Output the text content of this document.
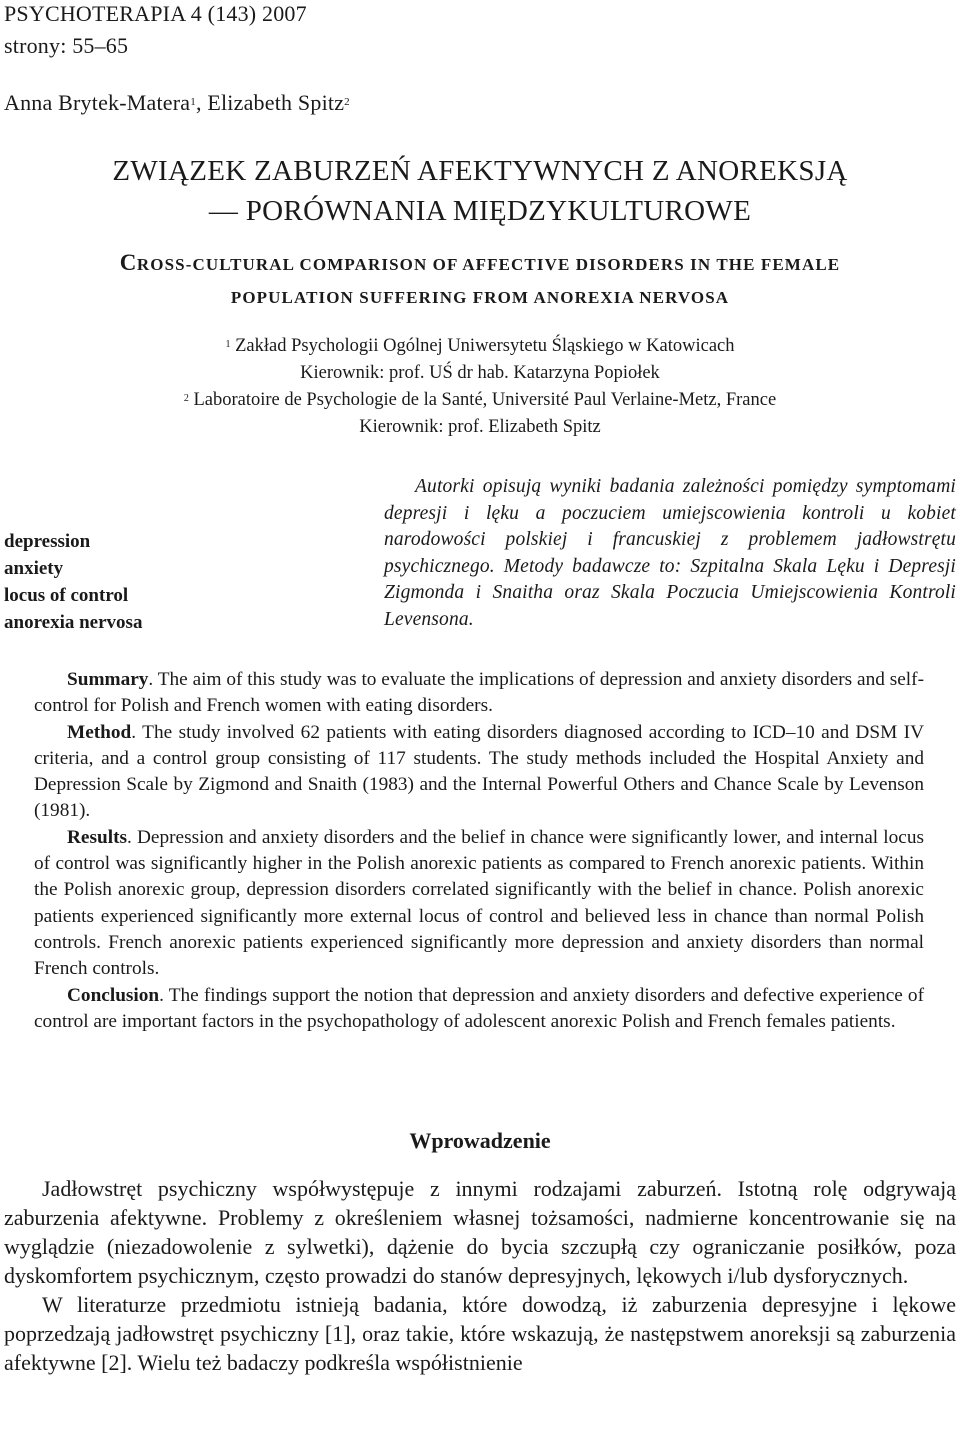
PSYCHOTERAPIA 4 (143) 2007
strony: 55–65
Anna Brytek-Matera$^1$, Elizabeth Spitz$^2$
ZWIĄZEK ZABURZEŃ AFEKTYWNYCH Z ANOREKSJĄ
— PORÓWNANIA MIĘDZYKULTUROWE
CROSS-CULTURAL COMPARISON OF AFFECTIVE DISORDERS IN THE FEMALE
POPULATION SUFFERING FROM ANOREXIA NERVOSA
$^1$ Zakład Psychologii Ogólnej Uniwersytetu Śląskiego w Katowicach
Kierownik: prof. UŚ dr hab. Katarzyna Popiołek
$^2$ Laboratoire de Psychologie de la Santé, Université Paul Verlaine-Metz, France
Kierownik: prof. Elizabeth Spitz
depression
anxiety
locus of control
anorexia nervosa
Autorki opisują wyniki badania zależności pomiędzy symptomami depresji i lęku a poczuciem umiejscowienia kontroli u kobiet narodowości polskiej i francuskiej z problemem jadłowstrętu psychicznego. Metody badawcze to: Szpitalna Skala Lęku i Depresji Zigmonda i Snaitha oraz Skala Poczucia Umiejscowienia Kontroli Levensona.

Summary. The aim of this study was to evaluate the implications of depression and anxiety disorders and self-control for Polish and French women with eating disorders.

Method. The study involved 62 patients with eating disorders diagnosed according to ICD–10 and DSM IV criteria, and a control group consisting of 117 students. The study methods included the Hospital Anxiety and Depression Scale by Zigmond and Snaith (1983) and the Internal Powerful Others and Chance Scale by Levenson (1981).

Results. Depression and anxiety disorders and the belief in chance were significantly lower, and internal locus of control was significantly higher in the Polish anorexic patients as compared to French anorexic patients. Within the Polish anorexic group, depression disorders correlated significantly with the belief in chance. Polish anorexic patients experienced significantly more external locus of control and believed less in chance than normal Polish controls. French anorexic patients experienced significantly more depression and anxiety disorders than normal French controls.

Conclusion. The findings support the notion that depression and anxiety disorders and defective experience of control are important factors in the psychopathology of adolescent anorexic Polish and French females patients.

Wprowadzenie

Jadłowstręt psychiczny współwystępuje z innymi rodzajami zaburzeń. Istotną rolę odgrywają zaburzenia afektywne. Problemy z określeniem własnej tożsamości, nadmierne koncentrowanie się na wyglądzie (niezadowolenie z sylwetki), dążenie do bycia szczupłą czy ograniczanie posiłków, poza dyskomfortem psychicznym, często prowadzi do stanów depresyjnych, lękowych i/lub dysforycznych.

W literaturze przedmiotu istnieją badania, które dowodzą, iż zaburzenia depresyjne i lękowe poprzedzają jadłowstręt psychiczny [1], oraz takie, które wskazują, że następstwem anoreksji są zaburzenia afektywne [2]. Wielu też badaczy podkreśla współistnienie
